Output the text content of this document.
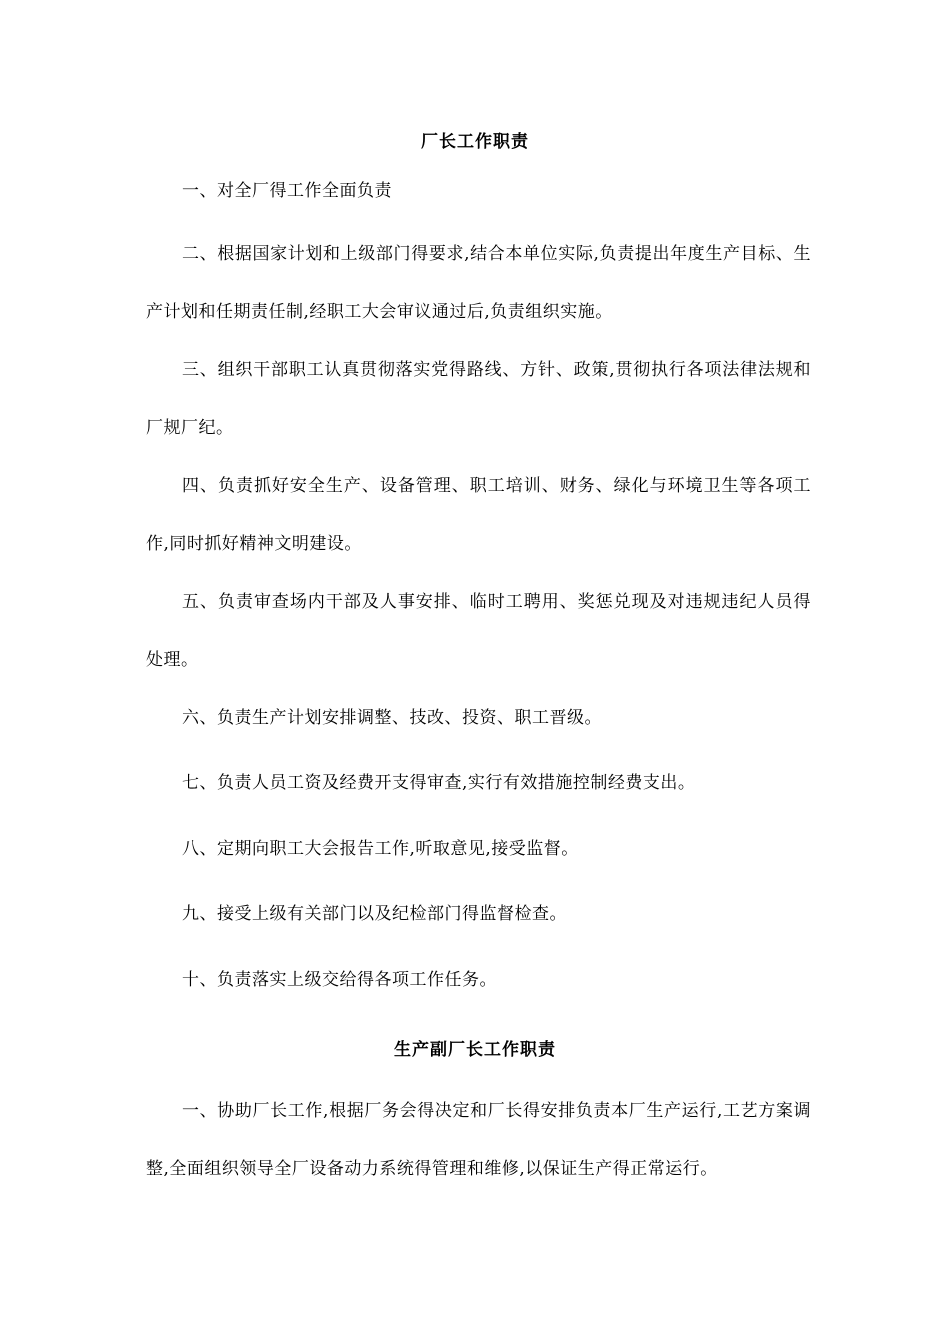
厂长工作职责
一、对全厂得工作全面负责
二、根据国家计划和上级部门得要求,结合本单位实际,负责提出年度生产目标、生产计划和任期责任制,经职工大会审议通过后,负责组织实施。
三、组织干部职工认真贯彻落实党得路线、方针、政策,贯彻执行各项法律法规和厂规厂纪。
四、负责抓好安全生产、设备管理、职工培训、财务、绿化与环境卫生等各项工作,同时抓好精神文明建设。
五、负责审查场内干部及人事安排、临时工聘用、奖惩兑现及对违规违纪人员得处理。
六、负责生产计划安排调整、技改、投资、职工晋级。
七、负责人员工资及经费开支得审查,实行有效措施控制经费支出。
八、定期向职工大会报告工作,听取意见,接受监督。
九、接受上级有关部门以及纪检部门得监督检查。
十、负责落实上级交给得各项工作任务。
生产副厂长工作职责
一、协助厂长工作,根据厂务会得决定和厂长得安排负责本厂生产运行,工艺方案调整,全面组织领导全厂设备动力系统得管理和维修,以保证生产得正常运行。
